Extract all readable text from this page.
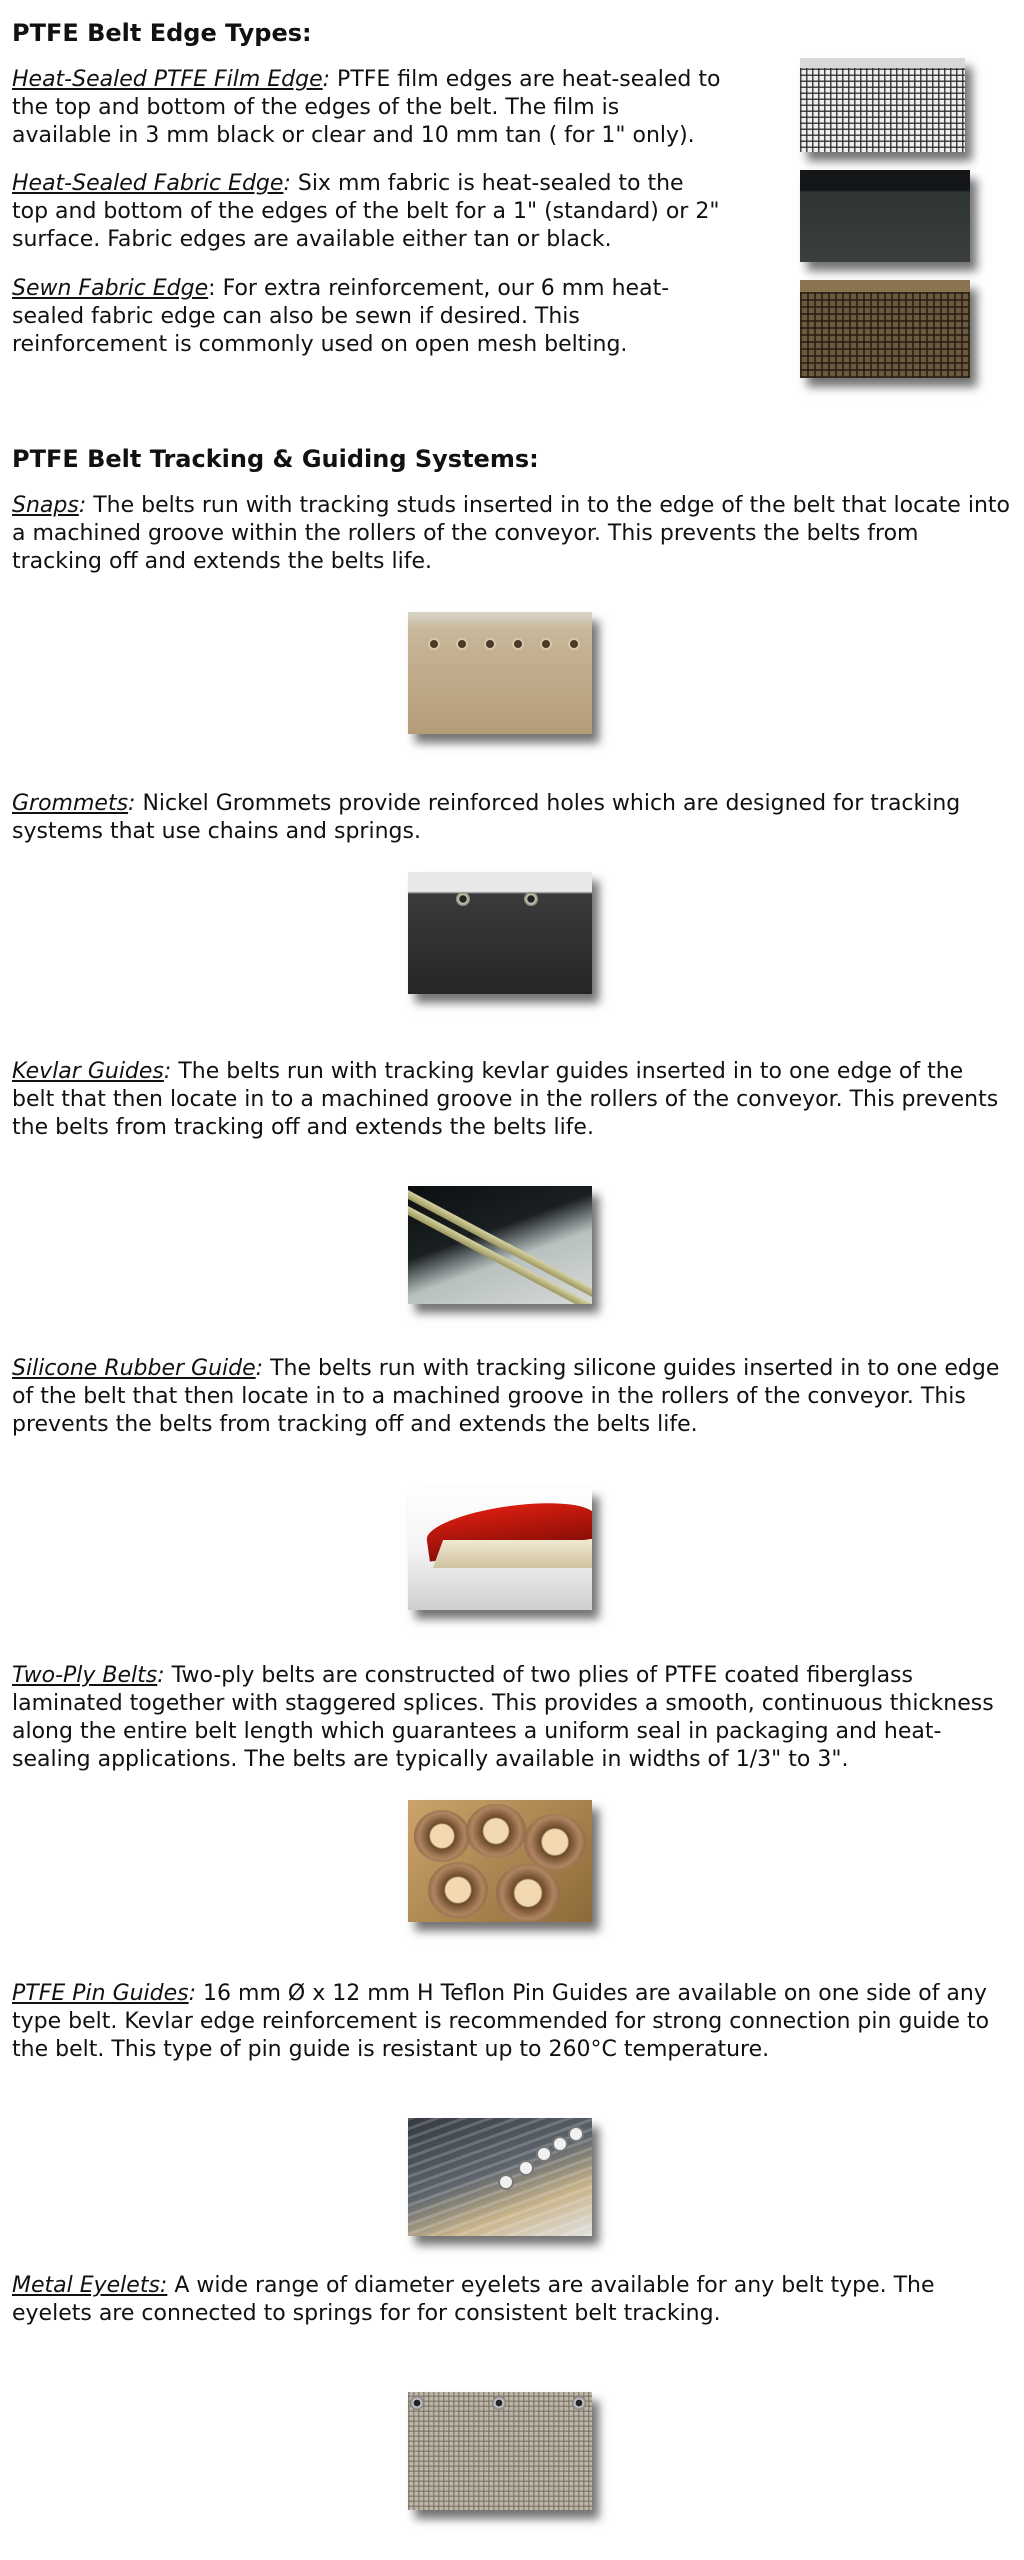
PTFE Belt Edge Types:

Heat-Sealed PTFE Film Edge: PTFE film edges are heat-sealed to the top and bottom of the edges of the belt. The film is available in 3 mm black or clear and 10 mm tan ( for 1" only).

Heat-Sealed Fabric Edge: Six mm fabric is heat-sealed to the top and bottom of the edges of the belt for a 1" (standard) or 2" surface. Fabric edges are available either tan or black.

Sewn Fabric Edge: For extra reinforcement, our 6 mm heat-sealed fabric edge can also be sewn if desired. This reinforcement is commonly used on open mesh belting.

PTFE Belt Tracking & Guiding Systems:

Snaps: The belts run with tracking studs inserted in to the edge of the belt that locate into a machined groove within the rollers of the conveyor. This prevents the belts from tracking off and extends the belts life.

Grommets: Nickel Grommets provide reinforced holes which are designed for tracking systems that use chains and springs.

Kevlar Guides: The belts run with tracking kevlar guides inserted in to one edge of the belt that then locate in to a machined groove in the rollers of the conveyor. This prevents the belts from tracking off and extends the belts life.

Silicone Rubber Guide: The belts run with tracking silicone guides inserted in to one edge of the belt that then locate in to a machined groove in the rollers of the conveyor. This prevents the belts from tracking off and extends the belts life.

Two-Ply Belts: Two-ply belts are constructed of two plies of PTFE coated fiberglass laminated together with staggered splices. This provides a smooth, continuous thickness along the entire belt length which guarantees a uniform seal in packaging and heat-sealing applications. The belts are typically available in widths of 1/3" to 3".

PTFE Pin Guides: 16 mm Ø x 12 mm H Teflon Pin Guides are available on one side of any type belt. Kevlar edge reinforcement is recommended for strong connection pin guide to the belt. This type of pin guide is resistant up to 260°C temperature.

Metal Eyelets: A wide range of diameter eyelets are available for any belt type. The eyelets are connected to springs for for consistent belt tracking.
